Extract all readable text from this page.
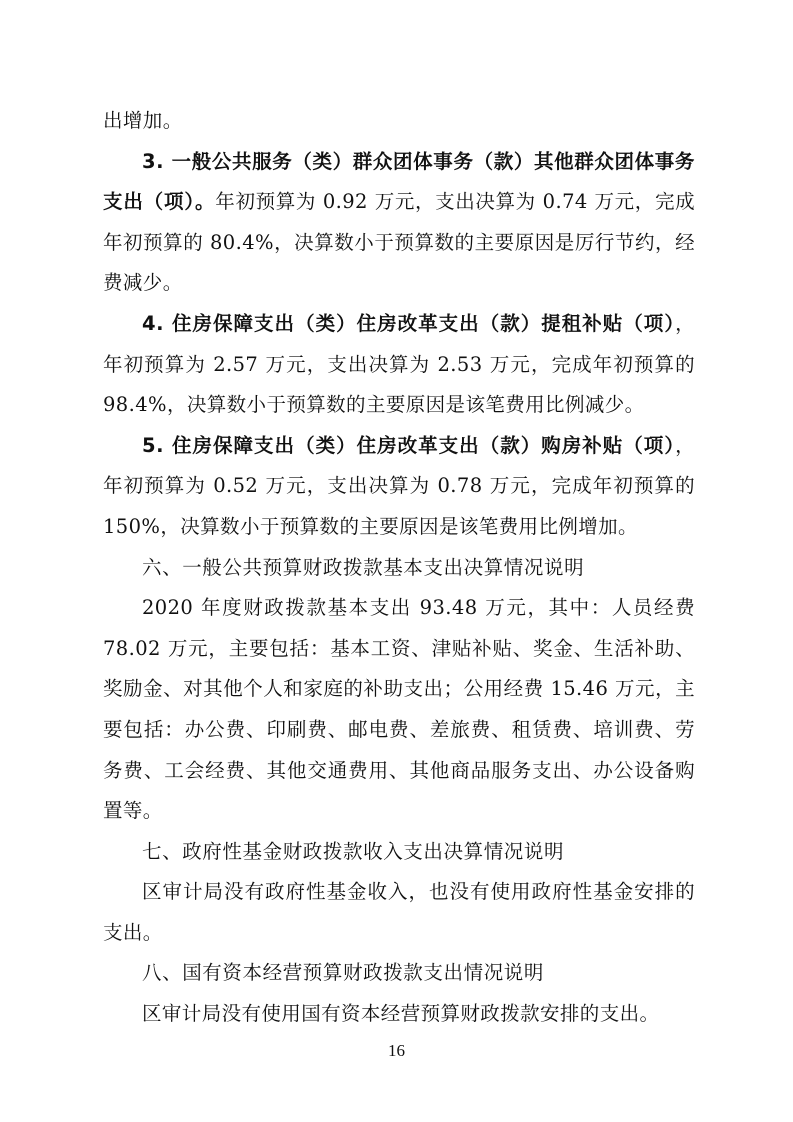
出增加。

3. 一般公共服务（类）群众团体事务（款）其他群众团体事务支出（项）。年初预算为 0.92 万元，支出决算为 0.74 万元，完成年初预算的 80.4%，决算数小于预算数的主要原因是厉行节约，经费减少。

4. 住房保障支出（类）住房改革支出（款）提租补贴（项），年初预算为 2.57 万元，支出决算为 2.53 万元，完成年初预算的 98.4%，决算数小于预算数的主要原因是该笔费用比例减少。

5. 住房保障支出（类）住房改革支出（款）购房补贴（项），年初预算为 0.52 万元，支出决算为 0.78 万元，完成年初预算的 150%，决算数小于预算数的主要原因是该笔费用比例增加。

六、一般公共预算财政拨款基本支出决算情况说明

2020 年度财政拨款基本支出 93.48 万元，其中：人员经费 78.02 万元，主要包括：基本工资、津贴补贴、奖金、生活补助、奖励金、对其他个人和家庭的补助支出；公用经费 15.46 万元，主要包括：办公费、印刷费、邮电费、差旅费、租赁费、培训费、劳务费、工会经费、其他交通费用、其他商品服务支出、办公设备购置等。

七、政府性基金财政拨款收入支出决算情况说明

区审计局没有政府性基金收入，也没有使用政府性基金安排的支出。

八、国有资本经营预算财政拨款支出情况说明

区审计局没有使用国有资本经营预算财政拨款安排的支出。

16
